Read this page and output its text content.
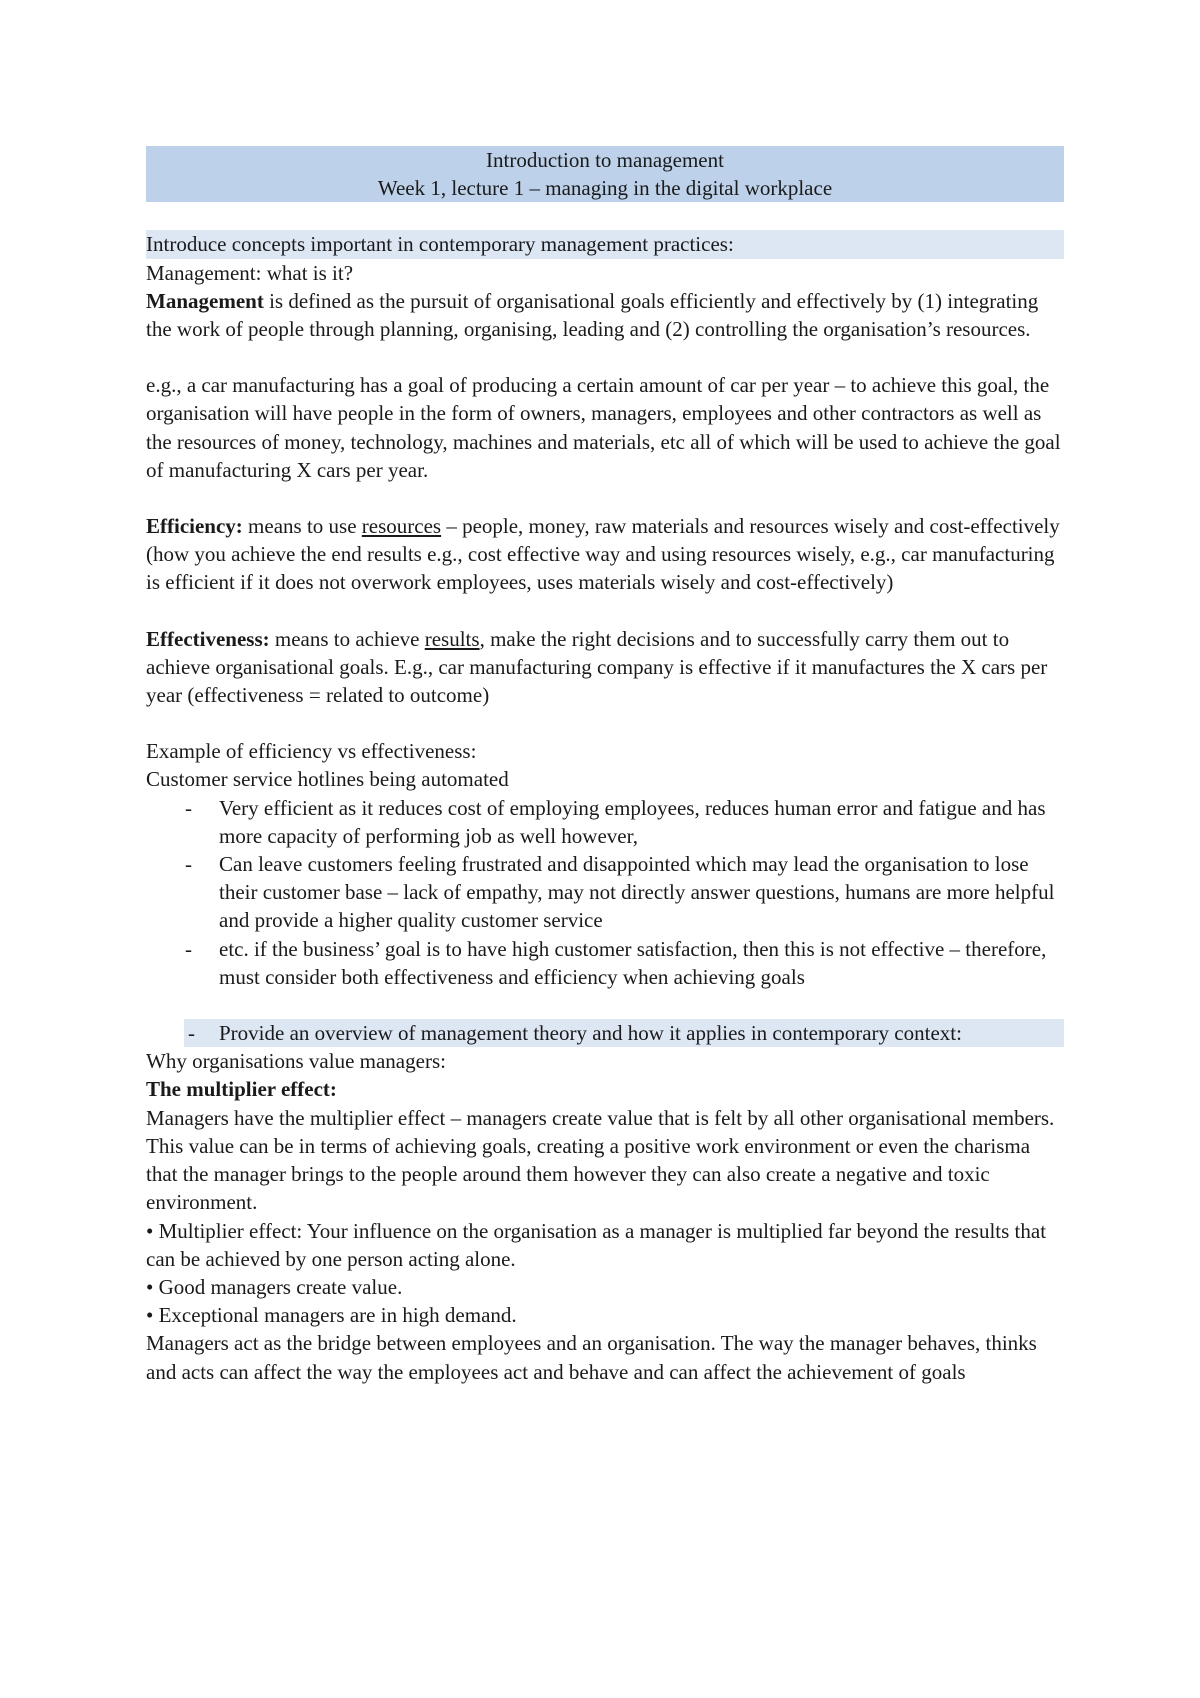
Introduction to management
Week 1, lecture 1 – managing in the digital workplace

Introduce concepts important in contemporary management practices:

Management: what is it?

Management is defined as the pursuit of organisational goals efficiently and effectively by (1) integrating the work of people through planning, organising, leading and (2) controlling the organisation’s resources.

e.g., a car manufacturing has a goal of producing a certain amount of car per year – to achieve this goal, the organisation will have people in the form of owners, managers, employees and other contractors as well as the resources of money, technology, machines and materials, etc all of which will be used to achieve the goal of manufacturing X cars per year.

Efficiency: means to use resources – people, money, raw materials and resources wisely and cost-effectively (how you achieve the end results e.g., cost effective way and using resources wisely, e.g., car manufacturing is efficient if it does not overwork employees, uses materials wisely and cost-effectively)

Effectiveness: means to achieve results, make the right decisions and to successfully carry them out to achieve organisational goals. E.g., car manufacturing company is effective if it manufactures the X cars per year (effectiveness = related to outcome)

Example of efficiency vs effectiveness:

Customer service hotlines being automated

- Very efficient as it reduces cost of employing employees, reduces human error and fatigue and has more capacity of performing job as well however,
- Can leave customers feeling frustrated and disappointed which may lead the organisation to lose their customer base – lack of empathy, may not directly answer questions, humans are more helpful and provide a higher quality customer service
- etc. if the business’ goal is to have high customer satisfaction, then this is not effective – therefore, must consider both effectiveness and efficiency when achieving goals
- Provide an overview of management theory and how it applies in contemporary context:

Why organisations value managers:

The multiplier effect:

Managers have the multiplier effect – managers create value that is felt by all other organisational members. This value can be in terms of achieving goals, creating a positive work environment or even the charisma that the manager brings to the people around them however they can also create a negative and toxic environment.

• Multiplier effect: Your influence on the organisation as a manager is multiplied far beyond the results that can be achieved by one person acting alone.

• Good managers create value.

• Exceptional managers are in high demand.

Managers act as the bridge between employees and an organisation. The way the manager behaves, thinks and acts can affect the way the employees act and behave and can affect the achievement of goals
